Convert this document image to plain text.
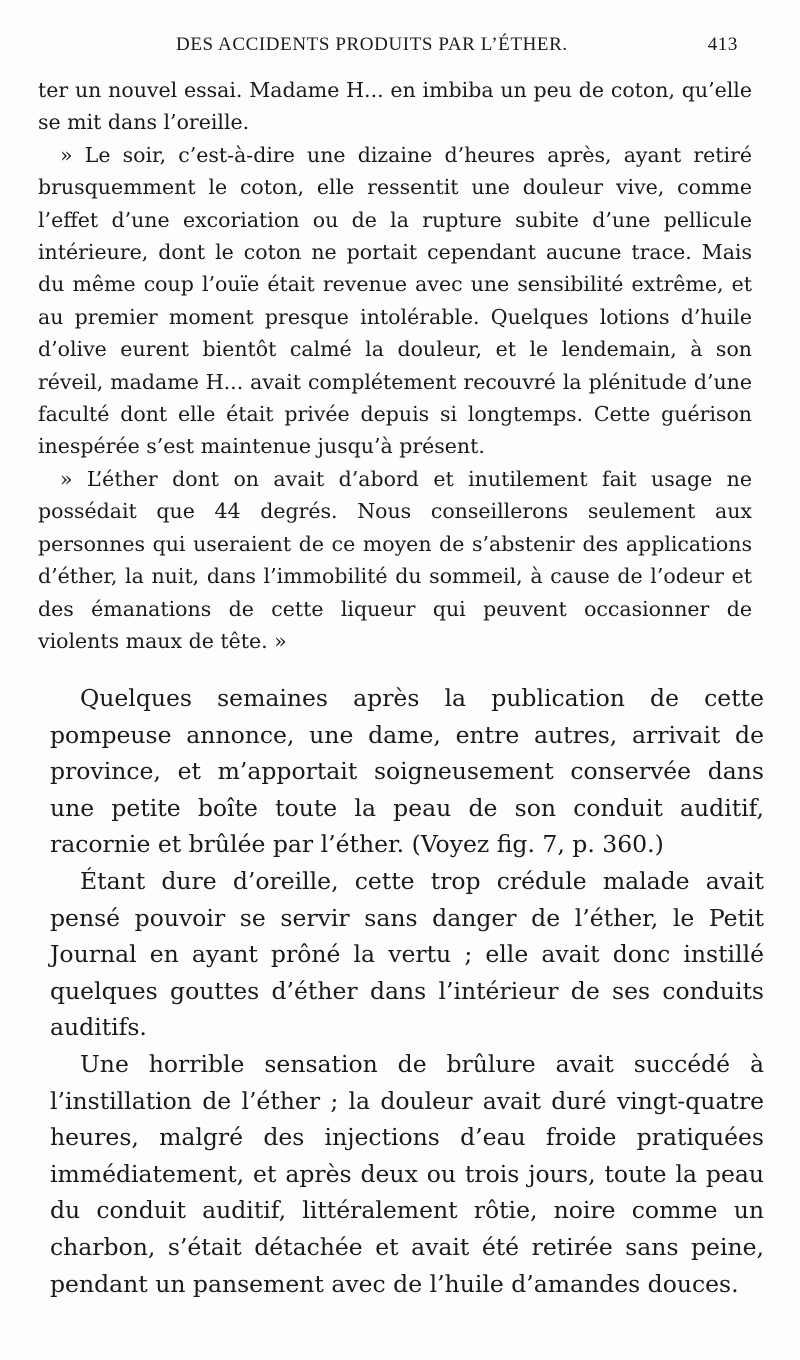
DES ACCIDENTS PRODUITS PAR L’ÉTHER.	413

ter un nouvel essai. Madame H... en imbiba un peu de coton, qu’elle se mit dans l’oreille.

» Le soir, c’est-à-dire une dizaine d’heures après, ayant retiré brusquemment le coton, elle ressentit une douleur vive, comme l’effet d’une excoriation ou de la rupture subite d’une pellicule intérieure, dont le coton ne portait cependant aucune trace. Mais du même coup l’ouïe était revenue avec une sensibilité extrême, et au premier moment presque intolérable. Quelques lotions d’huile d’olive eurent bientôt calmé la douleur, et le lendemain, à son réveil, madame H... avait complétement recouvré la plénitude d’une faculté dont elle était privée depuis si longtemps. Cette guérison inespérée s’est maintenue jusqu’à présent.

» L’éther dont on avait d’abord et inutilement fait usage ne possédait que 44 degrés. Nous conseillerons seulement aux personnes qui useraient de ce moyen de s’abstenir des applications d’éther, la nuit, dans l’immobilité du sommeil, à cause de l’odeur et des émanations de cette liqueur qui peuvent occasionner de violents maux de tête. »

Quelques semaines après la publication de cette pompeuse annonce, une dame, entre autres, arrivait de province, et m’apportait soigneusement conservée dans une petite boîte toute la peau de son conduit auditif, racornie et brûlée par l’éther. (Voyez fig. 7, p. 360.)

Étant dure d’oreille, cette trop crédule malade avait pensé pouvoir se servir sans danger de l’éther, le Petit Journal en ayant prôné la vertu ; elle avait donc instillé quelques gouttes d’éther dans l’intérieur de ses conduits auditifs.

Une horrible sensation de brûlure avait succédé à l’instillation de l’éther ; la douleur avait duré vingt-quatre heures, malgré des injections d’eau froide pratiquées immédiatement, et après deux ou trois jours, toute la peau du conduit auditif, littéralement rôtie, noire comme un charbon, s’était détachée et avait été retirée sans peine, pendant un pansement avec de l’huile d’amandes douces.
